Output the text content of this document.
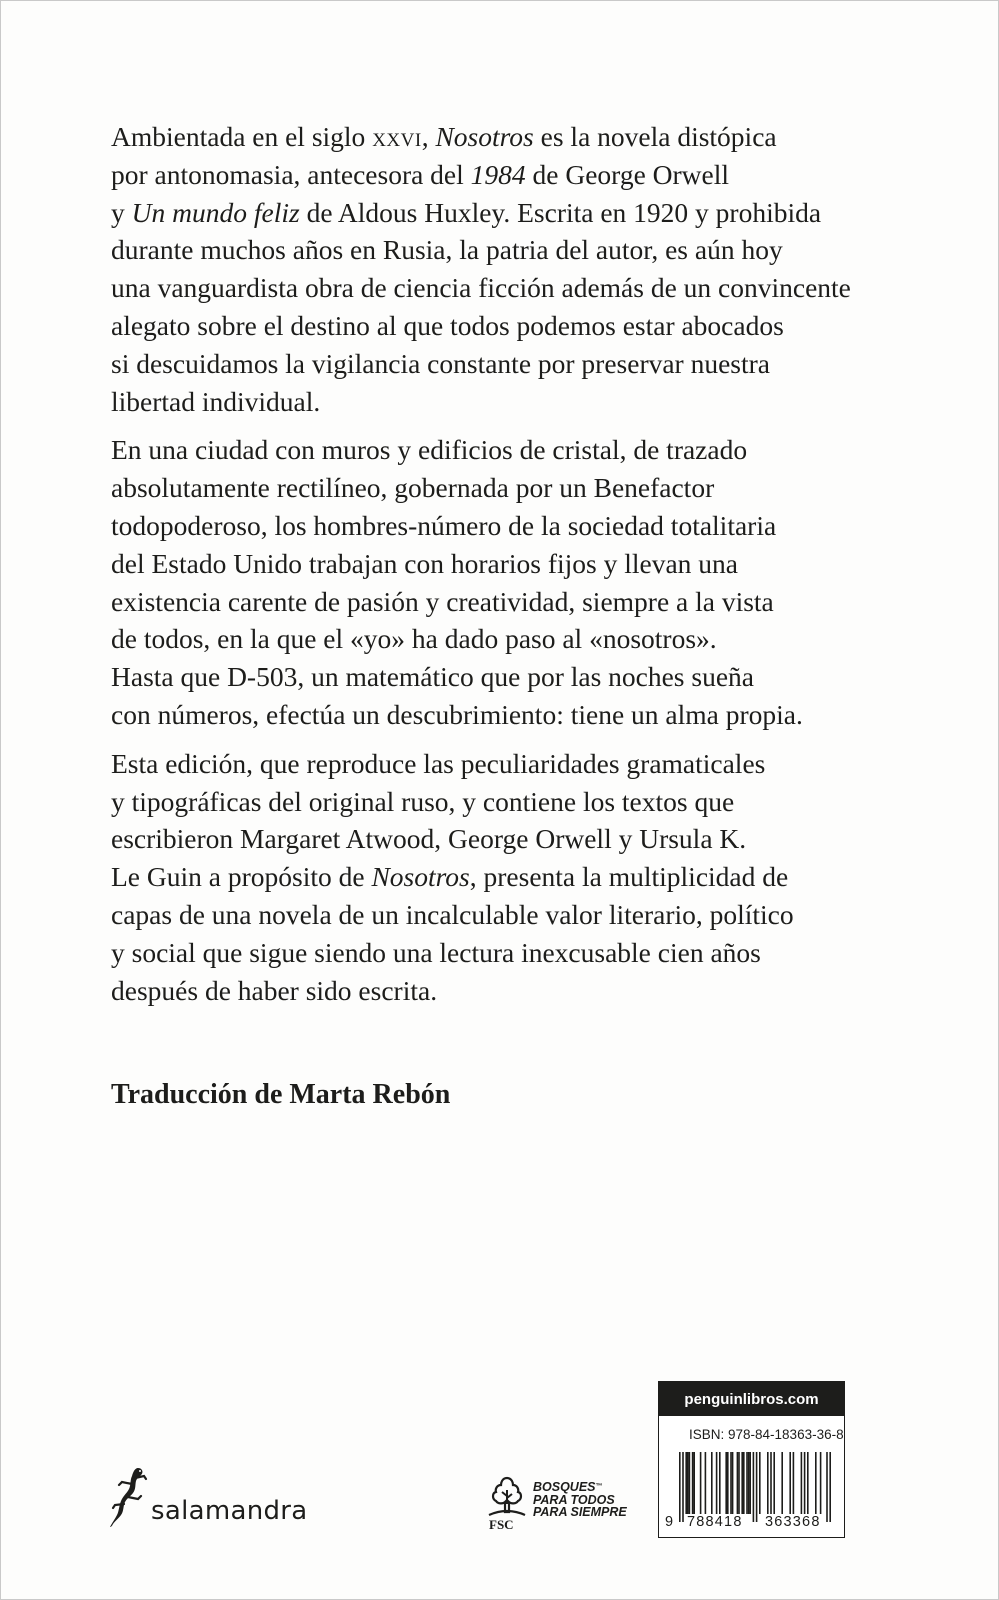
Ambientada en el siglo xxvi, Nosotros es la novela distópica
por antonomasia, antecesora del 1984 de George Orwell
y Un mundo feliz de Aldous Huxley. Escrita en 1920 y prohibida
durante muchos años en Rusia, la patria del autor, es aún hoy
una vanguardista obra de ciencia ficción además de un convincente
alegato sobre el destino al que todos podemos estar abocados
si descuidamos la vigilancia constante por preservar nuestra
libertad individual.

En una ciudad con muros y edificios de cristal, de trazado
absolutamente rectilíneo, gobernada por un Benefactor
todopoderoso, los hombres-número de la sociedad totalitaria
del Estado Unido trabajan con horarios fijos y llevan una
existencia carente de pasión y creatividad, siempre a la vista
de todos, en la que el «yo» ha dado paso al «nosotros».
Hasta que D-503, un matemático que por las noches sueña
con números, efectúa un descubrimiento: tiene un alma propia.

Esta edición, que reproduce las peculiaridades gramaticales
y tipográficas del original ruso, y contiene los textos que
escribieron Margaret Atwood, George Orwell y Ursula K.
Le Guin a propósito de Nosotros, presenta la multiplicidad de
capas de una novela de un incalculable valor literario, político
y social que sigue siendo una lectura inexcusable cien años
después de haber sido escrita.

Traducción de Marta Rebón
salamandra	FSC
BOSQUES™
PARA TODOS
PARA SIEMPRE
penguinlibros.com
ISBN: 978-84-18363-36-8
9 788418 363368
